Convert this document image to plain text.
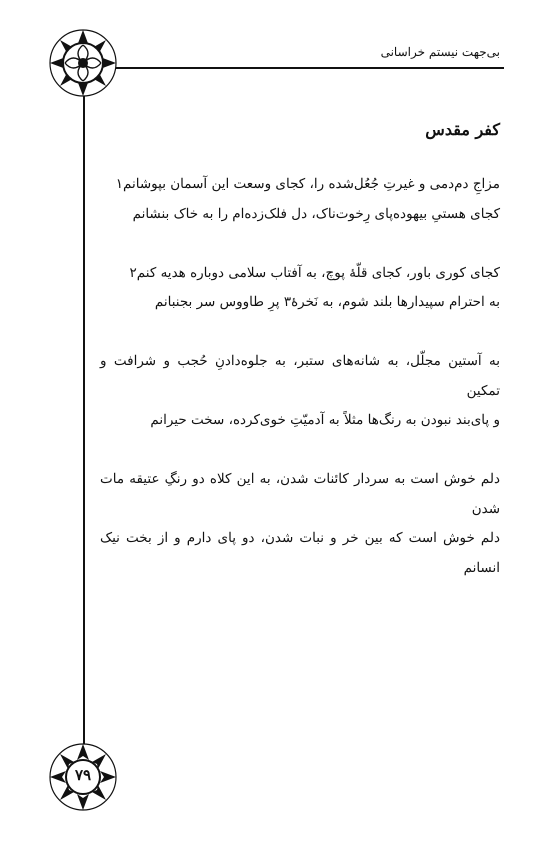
بی‌جهت نیستم خراسانی
کفر مقدس

مزاجِ دم‌دمی و غیرتِ جُعُل‌شده را، کجای وسعت این آسمان بپوشانم۱

کجای هستیِ بیهوده‌پای رِخوت‌ناک، دل فلک‌زده‌ام را به خاک بنشانم

کجای کوری باور، کجای قلّهٔ پوچ، به آفتاب سلامی دوباره هدیه کنم۲

به احترام سپیدارها بلند شوم، به نَخرهٔ۳ پرِ طاووس سر بجنبانم

به آستین مجلّل، به شانه‌های ستبر، به جلوه‌دادنِ حُجب و شرافت و تمکین

و پای‌بند نبودن به رنگ‌ها مثلاً به آدمیّتِ خوی‌کرده، سخت حیرانم

دلم خوش است به سردار کائنات شدن، به این کلاه دو رنگِ عتیقه مات شدن

دلم خوش است که بین خر و نبات شدن، دو پای دارم و از بخت نیک انسانم

۷۹
